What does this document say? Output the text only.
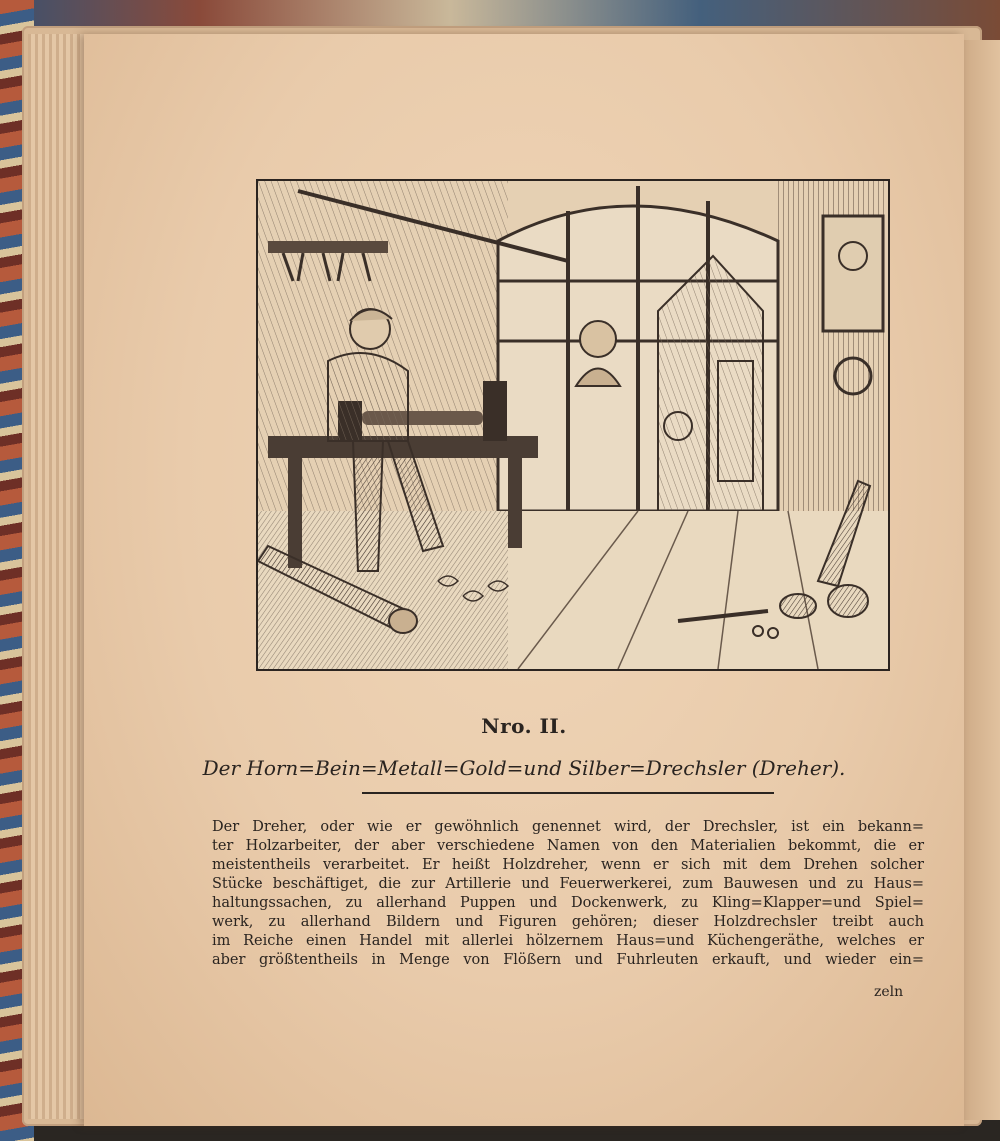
Nro. II.
Der Horn=Bein=Metall=Gold=und Silber=Drechsler (Dreher).
Der Dreher, oder wie er gewöhnlich genennet wird, der Drechsler, ist ein bekann=
ter Holzarbeiter, der aber verschiedene Namen von den Materialien bekommt, die er
meistentheils verarbeitet. Er heißt Holzdreher, wenn er sich mit dem Drehen solcher
Stücke beschäftiget, die zur Artillerie und Feuerwerkerei, zum Bauwesen und zu Haus=
haltungssachen, zu allerhand Puppen und Dockenwerk, zu Kling=Klapper=und Spiel=
werk, zu allerhand Bildern und Figuren gehören; dieser Holzdrechsler treibt auch
im Reiche einen Handel mit allerlei hölzernem Haus=und Küchengeräthe, welches er
aber größtentheils in Menge von Flößern und Fuhrleuten erkauft, und wieder ein=
zeln
